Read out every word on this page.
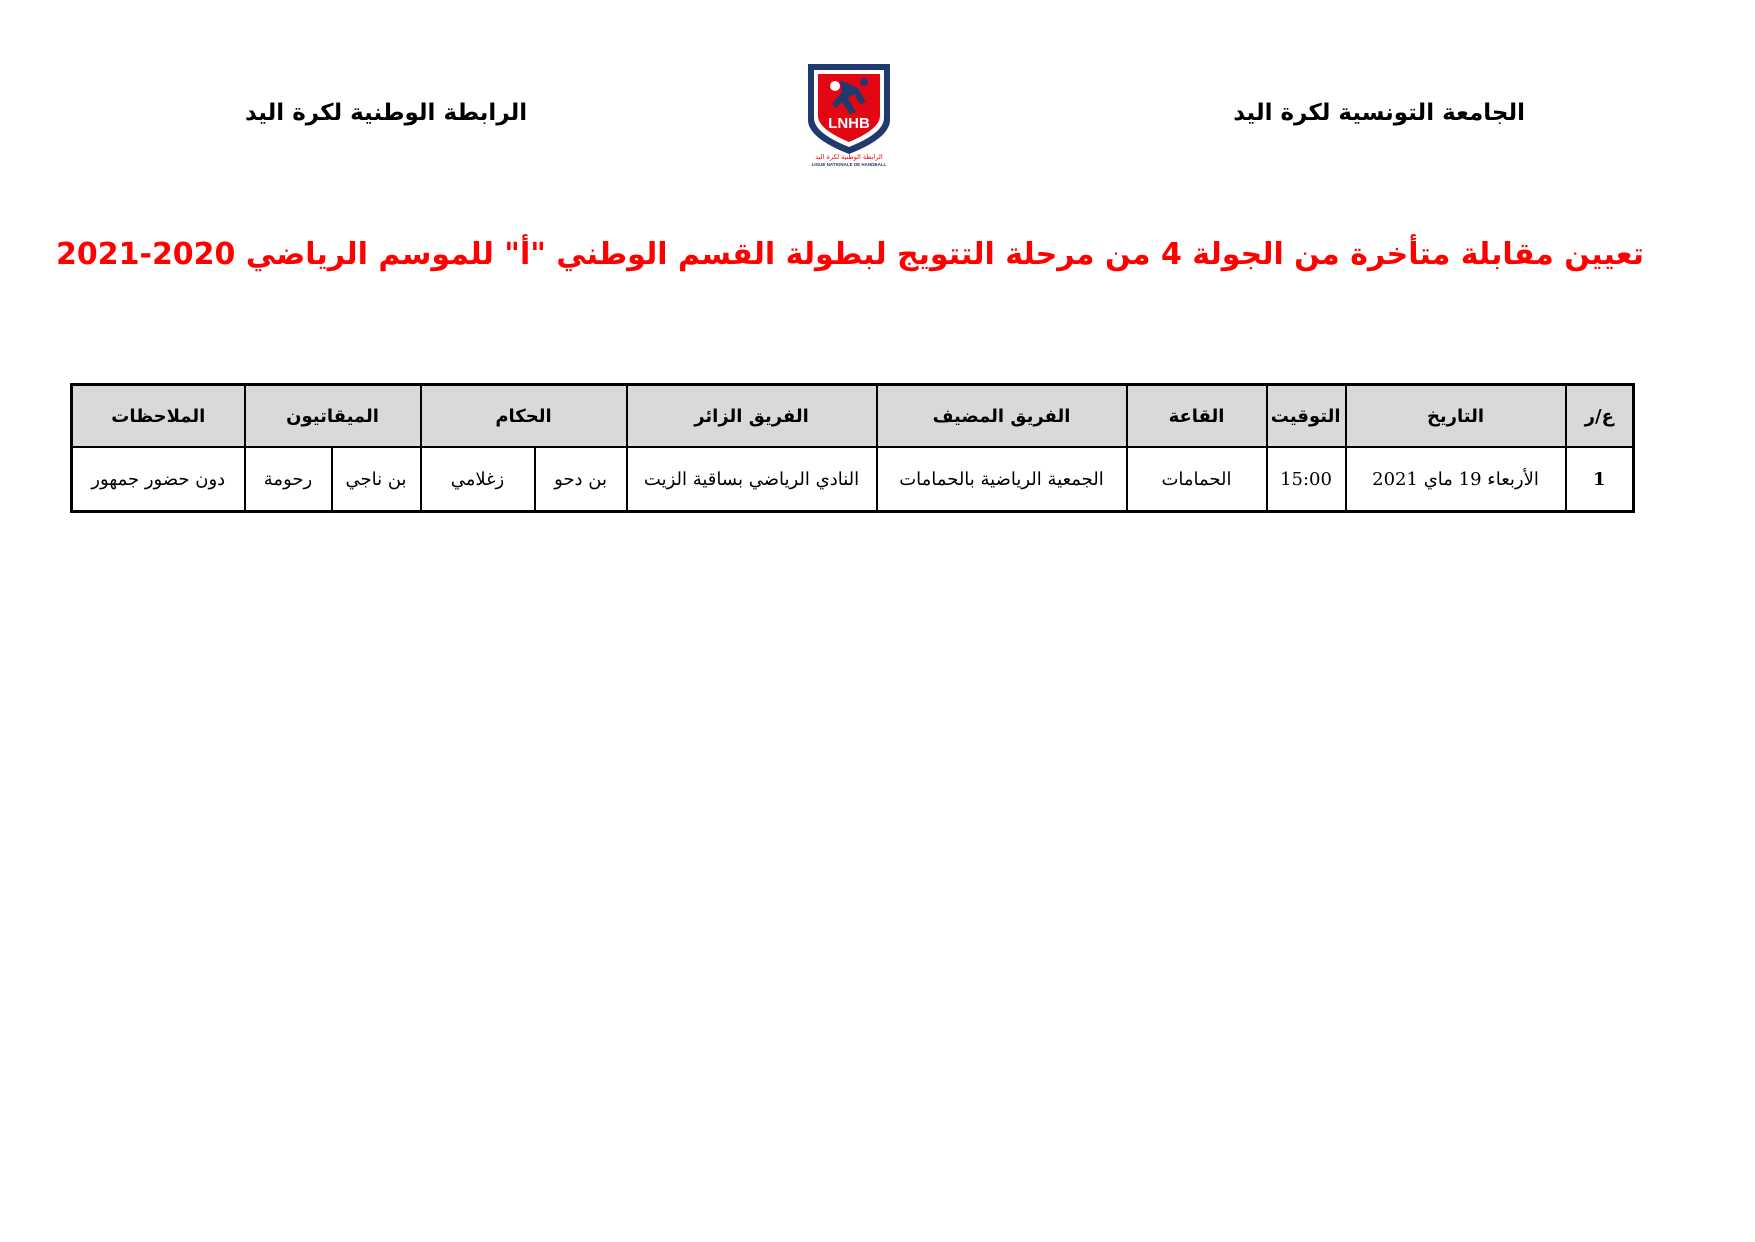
الجامعة التونسية لكرة اليد
LNHB
الرابطة الوطنية لكرة اليد
LIGUE NATIONALE DE HANDBALL
الرابطة الوطنية لكرة اليد
تعيين مقابلة متأخرة من الجولة 4 من مرحلة التتويج لبطولة القسم الوطني "أ" للموسم الرياضي 2020-2021
ع/ر	التاريخ	التوقيت	القاعة	الفريق المضيف	الفريق الزائر	الحكام		الميقاتيون		الملاحظات
1	الأربعاء 19 ماي 2021	15:00	الحمامات	الجمعية الرياضية بالحمامات	النادي الرياضي بساقية الزيت	بن دحو	زغلامي	بن ناجي	رحومة	دون حضور جمهور
